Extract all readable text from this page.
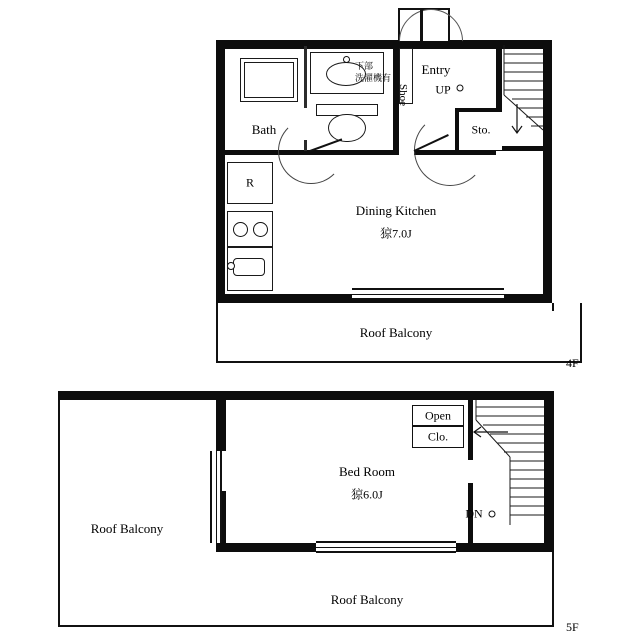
Dining Kitchen
猄7.0J
Bath
Roof Balcony
Entry
Shoe UP
Sto.
R
下部
洗濯機有
4F
Bed Room
猄6.0J
Roof Balcony
Roof Balcony
Open
Clo.
DN
5F
